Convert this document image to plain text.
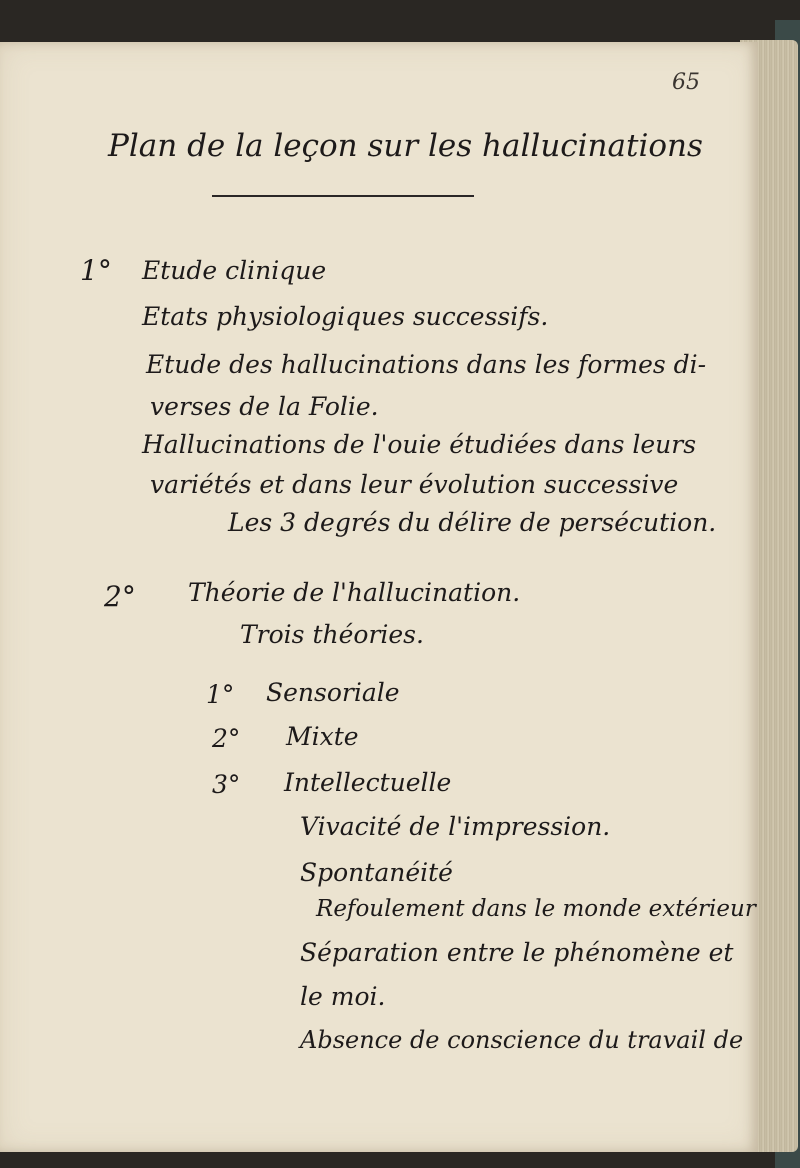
65
Plan de la leçon sur les hallucinations
1° Etude clinique
Etats physiologiques successifs.
Etude des hallucinations dans les formes di-
verses de la Folie.
Hallucinations de l'ouie étudiées dans leurs
variétés et dans leur évolution successive
Les 3 degrés du délire de persécution.
2° Théorie de l'hallucination.
Trois théories.
1° Sensoriale
2° Mixte
3° Intellectuelle
Vivacité de l'impression.
Spontanéité
Refoulement dans le monde extérieur
Séparation entre le phénomène et
le moi.
Absence de conscience du travail de
